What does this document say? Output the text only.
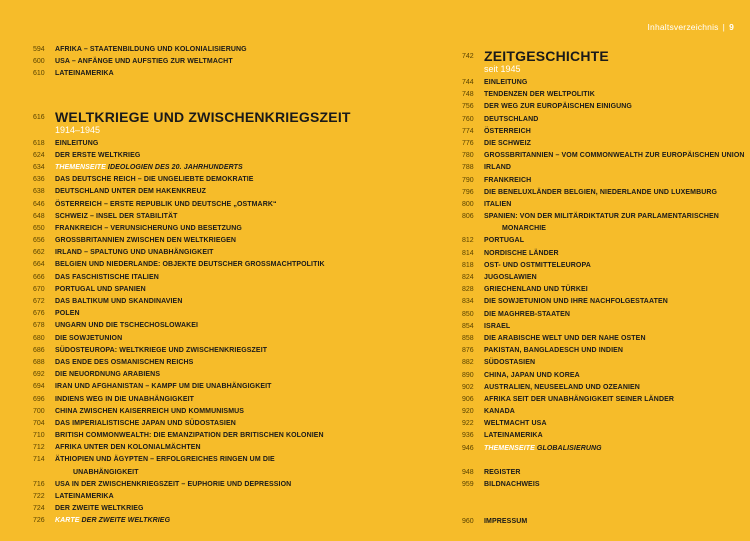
Inhaltsverzeichnis | 9
594	AFRIKA – STAATENBILDUNG UND KOLONIALISIERUNG
600	USA – ANFÄNGE UND AUFSTIEG ZUR WELTMACHT
610	LATEINAMERIKA
616 WELTKRIEGE UND ZWISCHENKRIEGSZEIT
1914–1945
618	EINLEITUNG
624	DER ERSTE WELTKRIEG
634	THEMENSEITE IDEOLOGIEN DES 20. JAHRHUNDERTS
636	DAS DEUTSCHE REICH – DIE UNGELIEBTE DEMOKRATIE
638	DEUTSCHLAND UNTER DEM HAKENKREUZ
646	ÖSTERREICH – ERSTE REPUBLIK UND DEUTSCHE „OSTMARK“
648	SCHWEIZ – INSEL DER STABILITÄT
650	FRANKREICH – VERUNSICHERUNG UND BESETZUNG
656	GROSSBRITANNIEN ZWISCHEN DEN WELTKRIEGEN
662	IRLAND – SPALTUNG UND UNABHÄNGIGKEIT
664	BELGIEN UND NIEDERLANDE: OBJEKTE DEUTSCHER GROSSMACHTPOLITIK
666	DAS FASCHISTISCHE ITALIEN
670	PORTUGAL UND SPANIEN
672	DAS BALTIKUM UND SKANDINAVIEN
676	POLEN
678	UNGARN UND DIE TSCHECHOSLOWAKEI
680	DIE SOWJETUNION
686	SÜDOSTEUROPA: WELTKRIEGE UND ZWISCHENKRIEGSZEIT
688	DAS ENDE DES OSMANISCHEN REICHS
692	DIE NEUORDNUNG ARABIENS
694	IRAN UND AFGHANISTAN – KAMPF UM DIE UNABHÄNGIGKEIT
696	INDIENS WEG IN DIE UNABHÄNGIGKEIT
700	CHINA ZWISCHEN KAISERREICH UND KOMMUNISMUS
704	DAS IMPERIALISTISCHE JAPAN UND SÜDOSTASIEN
710	BRITISH COMMONWEALTH: DIE EMANZIPATION DER BRITISCHEN KOLONIEN
712	AFRIKA UNTER DEN KOLONIALMÄCHTEN
714	ÄTHIOPIEN UND ÄGYPTEN – ERFOLGREICHES RINGEN UM DIE
UNABHÄNGIGKEIT
716	USA IN DER ZWISCHENKRIEGSZEIT – EUPHORIE UND DEPRESSION
722	LATEINAMERIKA
724	DER ZWEITE WELTKRIEG
726	KARTE DER ZWEITE WELTKRIEG
742 ZEITGESCHICHTE
seit 1945
744	EINLEITUNG
748	TENDENZEN DER WELTPOLITIK
756	DER WEG ZUR EUROPÄISCHEN EINIGUNG
760	DEUTSCHLAND
774	ÖSTERREICH
776	DIE SCHWEIZ
780	GROSSBRITANNIEN – VOM COMMONWEALTH ZUR EUROPÄISCHEN UNION
788	IRLAND
790	FRANKREICH
796	DIE BENELUXLÄNDER BELGIEN, NIEDERLANDE UND LUXEMBURG
800	ITALIEN
806	SPANIEN: VON DER MILITÄRDIKTATUR ZUR PARLAMENTARISCHEN
MONARCHIE
812	PORTUGAL
814	NORDISCHE LÄNDER
818	OST- UND OSTMITTELEUROPA
824	JUGOSLAWIEN
828	GRIECHENLAND UND TÜRKEI
834	DIE SOWJETUNION UND IHRE NACHFOLGESTAATEN
850	DIE MAGHREB-STAATEN
854	ISRAEL
858	DIE ARABISCHE WELT UND DER NAHE OSTEN
876	PAKISTAN, BANGLADESCH UND INDIEN
882	SÜDOSTASIEN
890	CHINA, JAPAN UND KOREA
902	AUSTRALIEN, NEUSEELAND UND OZEANIEN
906	AFRIKA SEIT DER UNABHÄNGIGKEIT SEINER LÄNDER
920	KANADA
922	WELTMACHT USA
936	LATEINAMERIKA
946	THEMENSEITE GLOBALISIERUNG
948	REGISTER
959	BILDNACHWEIS
960	IMPRESSUM
